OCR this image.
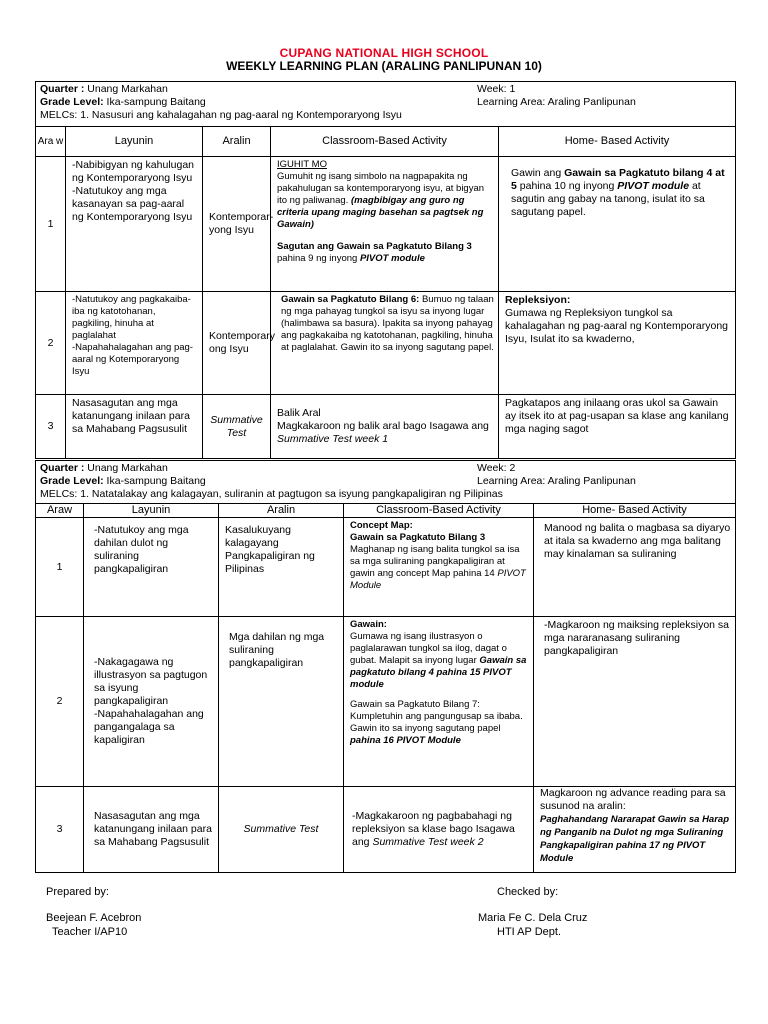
CUPANG NATIONAL HIGH SCHOOL
WEEKLY LEARNING PLAN (ARALING PANLIPUNAN 10)
Quarter : Unang Markahan Week: 1
Grade Level: Ika-sampung Baitang Learning Area: Araling Panlipunan
MELCs: 1. Nasusuri ang kahalagahan ng pag-aaral ng Kontemporaryong Isyu				

Ara w	Layunin	Aralin	Classroom-Based Activity	Home- Based Activity
1	-Nabibigyan ng kahulugan ng Kontemporaryong Isyu
-Natutukoy ang mga kasanayan sa pag-aaral ng Kontemporaryong Isyu	Kontemporar-yong Isyu	IGUHIT MO
Gumuhit ng isang simbolo na nagpapakita ng pakahulugan sa kontemporaryong isyu, at bigyan ito ng paliwanag. (magbibigay ang guro ng criteria upang maging basehan sa pagtsek ng Gawain)
Sagutan ang Gawain sa Pagkatuto Bilang 3 pahina 9 ng inyong PIVOT module	Gawin ang Gawain sa Pagkatuto bilang 4 at 5 pahina 10 ng inyong PIVOT module at sagutin ang gabay na tanong, isulat ito sa sagutang papel.
2	-Natutukoy ang pagkakaiba-iba ng katotohanan, pagkiling, hinuha at paglalahat
-Napahahalagahan ang pag-aaral ng Kotemporaryong Isyu	Kontemporary ong Isyu	Gawain sa Pagkatuto Bilang 6: Bumuo ng talaan ng mga pahayag tungkol sa isyu sa inyong lugar (halimbawa sa basura). Ipakita sa inyong pahayag ang pagkakaiba ng katotohanan, pagkiling, hinuha at paglalahat. Gawin ito sa inyong sagutang papel.	Repleksiyon:
Gumawa ng Repleksiyon tungkol sa kahalagahan ng pag-aaral ng Kontemporaryong Isyu, Isulat ito sa kwaderno,
3	Nasasagutan ang mga katanungang inilaan para sa Mahabang Pagsusulit	Summative Test	Balik Aral
Magkakaroon ng balik aral bago Isagawa ang Summative Test week 1	Pagkatapos ang inilaang oras ukol sa Gawain ay itsek ito at pag-usapan sa klase ang kanilang mga naging sagot
Quarter : Unang Markahan Week: 2
Grade Level: Ika-sampung Baitang Learning Area: Araling Panlipunan
MELCs: 1. Natatalakay ang kalagayan, suliranin at pagtugon sa isyung pangkapaligiran ng Pilipinas				

Araw	Layunin	Aralin	Classroom-Based Activity	Home- Based Activity
1	-Natutukoy ang mga dahilan dulot ng suliraning pangkapaligiran	Kasalukuyang kalagayang Pangkapaligiran ng Pilipinas	Concept Map:
Gawain sa Pagkatuto Bilang 3
Maghanap ng isang balita tungkol sa isa sa mga suliraning pangkapaligiran at gawin ang concept Map pahina 14 PIVOT Module	Manood ng balita o magbasa sa diyaryo at itala sa kwaderno ang mga balitang may kinalaman sa suliraning

2	-Nakagagawa ng illustrasyon sa pagtugon sa isyung pangkapaligiran
-Napahahalagahan ang pangangalaga sa kapaligiran	Mga dahilan ng mga suliraning pangkapaligiran	Gawain:
Gumawa ng isang ilustrasyon o paglalarawan tungkol sa ilog, dagat o gubat. Malapit sa inyong lugar Gawain sa pagkatuto bilang 4 pahina 15 PIVOT module
Gawain sa Pagkatuto Bilang 7: Kumpletuhin ang pangungusap sa ibaba. Gawin ito sa inyong sagutang papel pahina 16 PIVOT Module	-Magkaroon ng maiksing repleksiyon sa mga nararanasang suliraning pangkapaligiran
3	Nasasagutan ang mga katanungang inilaan para sa Mahabang Pagsusulit	Summative Test	-Magkakaroon ng pagbabahagi ng repleksiyon sa klase bago Isagawa ang Summative Test week 2	Magkaroon ng advance reading para sa susunod na aralin:
Paghahandang Nararapat Gawin sa Harap ng Panganib na Dulot ng mga Suliraning Pangkapaligiran pahina 17 ng PIVOT Module
Prepared by:
Beejean F. Acebron
Teacher I/AP10
Checked by:
Maria Fe C. Dela Cruz
HTI AP Dept.
